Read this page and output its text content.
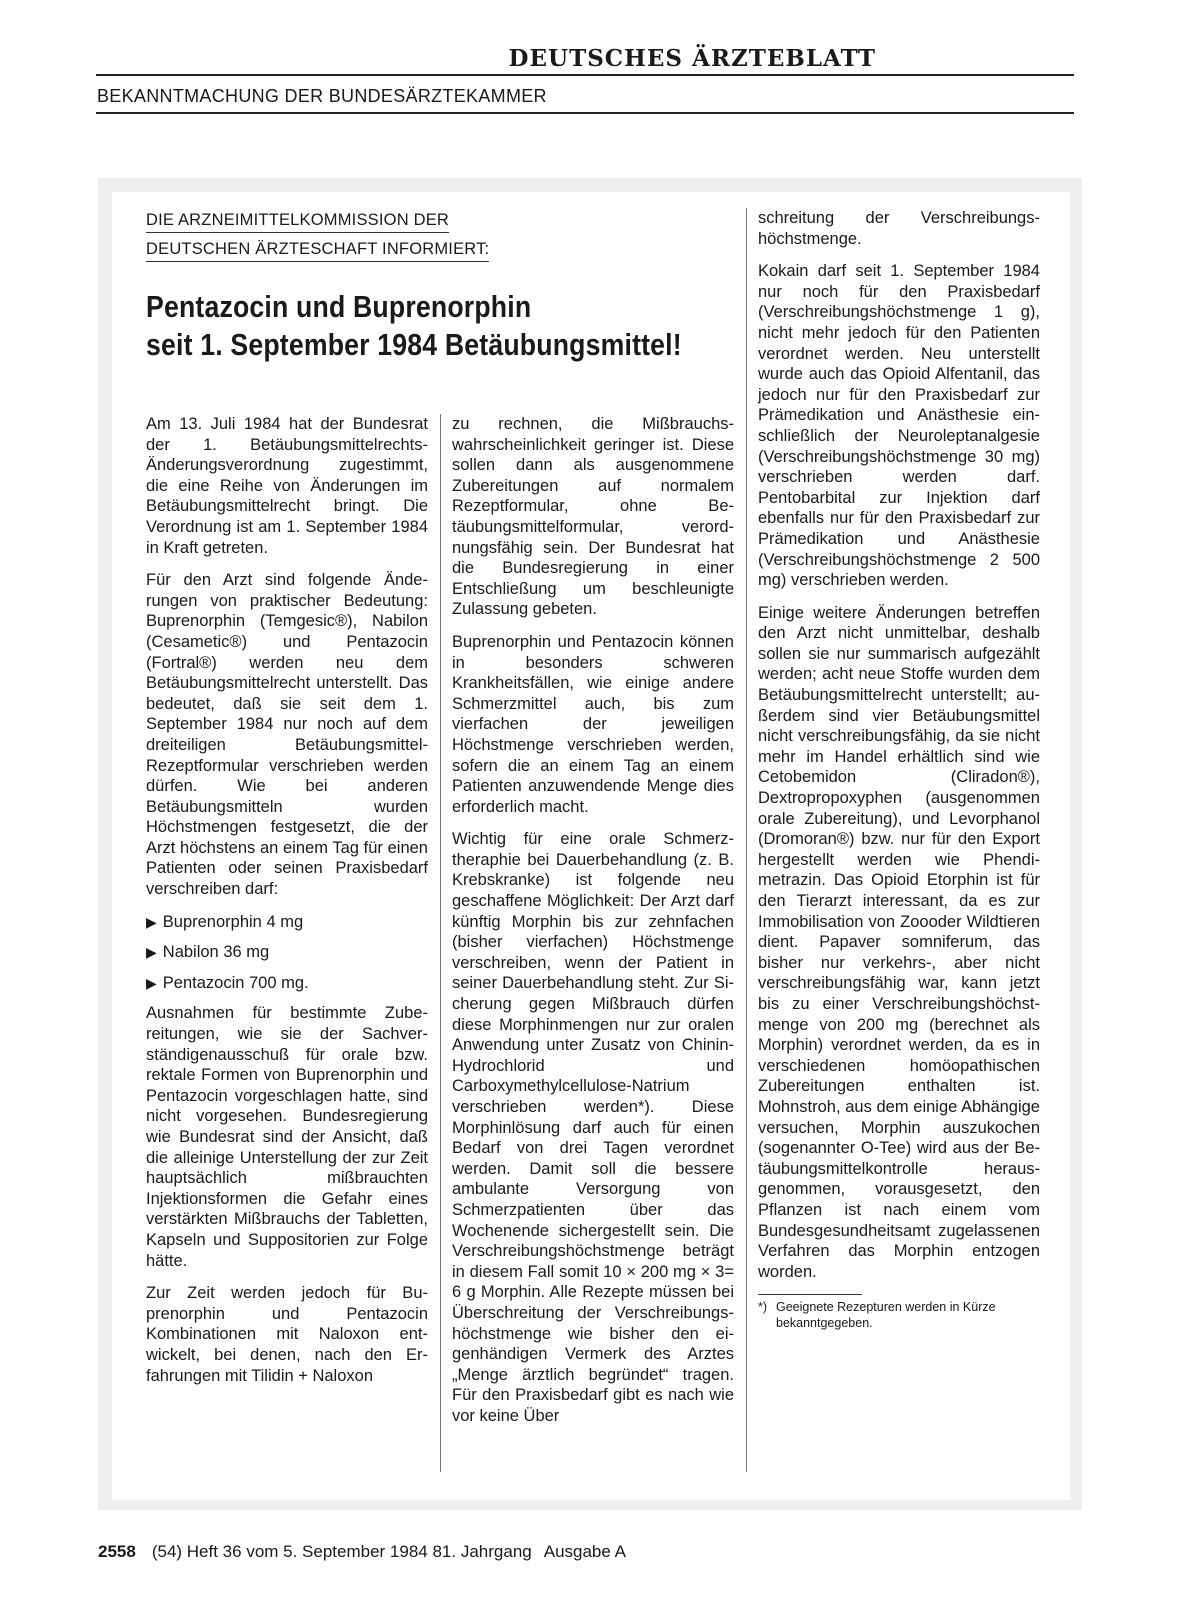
DEUTSCHES ÄRZTEBLATT
BEKANNTMACHUNG DER BUNDESÄRZTEKAMMER
DIE ARZNEIMITTELKOMMISSION DER
DEUTSCHEN ÄRZTESCHAFT INFORMIERT:
Pentazocin und Buprenorphin
seit 1. September 1984 Betäubungsmittel!

Am 13. Juli 1984 hat der Bundesrat der 1. Betäubungsmittelrechts-Änderungsverordnung zugestimmt, die eine Reihe von Änderungen im Betäubungsmittelrecht bringt. Die Verordnung ist am 1. September 1984 in Kraft getreten.

Für den Arzt sind folgende Änderungen von praktischer Bedeutung: Buprenorphin (Temgesic®), Nabilon (Cesametic®) und Pentazocin (Fortral®) werden neu dem Betäubungsmittelrecht unterstellt. Das bedeutet, daß sie seit dem 1. September 1984 nur noch auf dem dreiteiligen Betäubungsmittel-Rezeptformular verschrieben werden dürfen. Wie bei anderen Betäubungsmitteln wurden Höchstmengen festgesetzt, die der Arzt höchstens an einem Tag für einen Patienten oder seinen Praxisbedarf verschreiben darf:

▶ Buprenorphin 4 mg
▶ Nabilon 36 mg
▶ Pentazocin 700 mg.

Ausnahmen für bestimmte Zubereitungen, wie sie der Sachverständigenausschuß für orale bzw. rektale Formen von Buprenorphin und Pentazocin vorgeschlagen hatte, sind nicht vorgesehen. Bundesregierung wie Bundesrat sind der Ansicht, daß die alleinige Unterstellung der zur Zeit hauptsächlich mißbrauchten Injektionsformen die Gefahr eines verstärkten Mißbrauchs der Tabletten, Kapseln und Suppositorien zur Folge hätte.

Zur Zeit werden jedoch für Buprenorphin und Pentazocin Kombinationen mit Naloxon entwickelt, bei denen, nach den Erfahrungen mit Tilidin + Naloxon

zu rechnen, die Mißbrauchswahrscheinlichkeit geringer ist. Diese sollen dann als ausgenommene Zubereitungen auf normalem Rezeptformular, ohne Betäubungsmittelformular, verordnungsfähig sein. Der Bundesrat hat die Bundesregierung in einer Entschließung um beschleunigte Zulassung gebeten.

Buprenorphin und Pentazocin können in besonders schweren Krankheitsfällen, wie einige andere Schmerzmittel auch, bis zum vierfachen der jeweiligen Höchstmenge verschrieben werden, sofern die an einem Tag an einem Patienten anzuwendende Menge dies erforderlich macht.

Wichtig für eine orale Schmerztheraphie bei Dauerbehandlung (z. B. Krebskranke) ist folgende neu geschaffene Möglichkeit: Der Arzt darf künftig Morphin bis zur zehnfachen (bisher vierfachen) Höchstmenge verschreiben, wenn der Patient in seiner Dauerbehandlung steht. Zur Sicherung gegen Mißbrauch dürfen diese Morphinmengen nur zur oralen Anwendung unter Zusatz von Chinin-Hydrochlorid und Carboxymethylcellulose-Natrium verschrieben werden*). Diese Morphinlösung darf auch für einen Bedarf von drei Tagen verordnet werden. Damit soll die bessere ambulante Versorgung von Schmerzpatienten über das Wochenende sichergestellt sein. Die Verschreibungshöchstmenge beträgt in diesem Fall somit 10 × 200 mg × 3= 6 g Morphin. Alle Rezepte müssen bei Überschreitung der Verschreibungshöchstmenge wie bisher den eigenhändigen Vermerk des Arztes „Menge ärztlich begründet“ tragen. Für den Praxisbedarf gibt es nach wie vor keine Über

schreitung der Verschreibungshöchstmenge.

Kokain darf seit 1. September 1984 nur noch für den Praxisbedarf (Verschreibungshöchstmenge 1 g), nicht mehr jedoch für den Patienten verordnet werden. Neu unterstellt wurde auch das Opioid Alfentanil, das jedoch nur für den Praxisbedarf zur Prämedikation und Anästhesie einschließlich der Neuroleptanalgesie (Verschreibungshöchstmenge 30 mg) verschrieben werden darf. Pentobarbital zur Injektion darf ebenfalls nur für den Praxisbedarf zur Prämedikation und Anästhesie (Verschreibungshöchstmenge 2 500 mg) verschrieben werden.

Einige weitere Änderungen betreffen den Arzt nicht unmittelbar, deshalb sollen sie nur summarisch aufgezählt werden; acht neue Stoffe wurden dem Betäubungsmittelrecht unterstellt; außerdem sind vier Betäubungsmittel nicht verschreibungsfähig, da sie nicht mehr im Handel erhältlich sind wie Cetobemidon (Cliradon®), Dextropropoxyphen (ausgenommen orale Zubereitung), und Levorphanol (Dromoran®) bzw. nur für den Export hergestellt werden wie Phendimetrazin. Das Opioid Etorphin ist für den Tierarzt interessant, da es zur Immobilisation von Zoooder Wildtieren dient. Papaver somniferum, das bisher nur verkehrs-, aber nicht verschreibungsfähig war, kann jetzt bis zu einer Verschreibungshöchstmenge von 200 mg (berechnet als Morphin) verordnet werden, da es in verschiedenen homöopathischen Zubereitungen enthalten ist. Mohnstroh, aus dem einige Abhängige versuchen, Morphin auszukochen (sogenannter O-Tee) wird aus der Betäubungsmittelkontrolle herausgenommen, vorausgesetzt, den Pflanzen ist nach einem vom Bundesgesundheitsamt zugelassenen Verfahren das Morphin entzogen worden.

*) Geeignete Rezepturen werden in Kürze bekanntgegeben.
2558 (54) Heft 36 vom 5. September 1984 81. Jahrgang Ausgabe A
